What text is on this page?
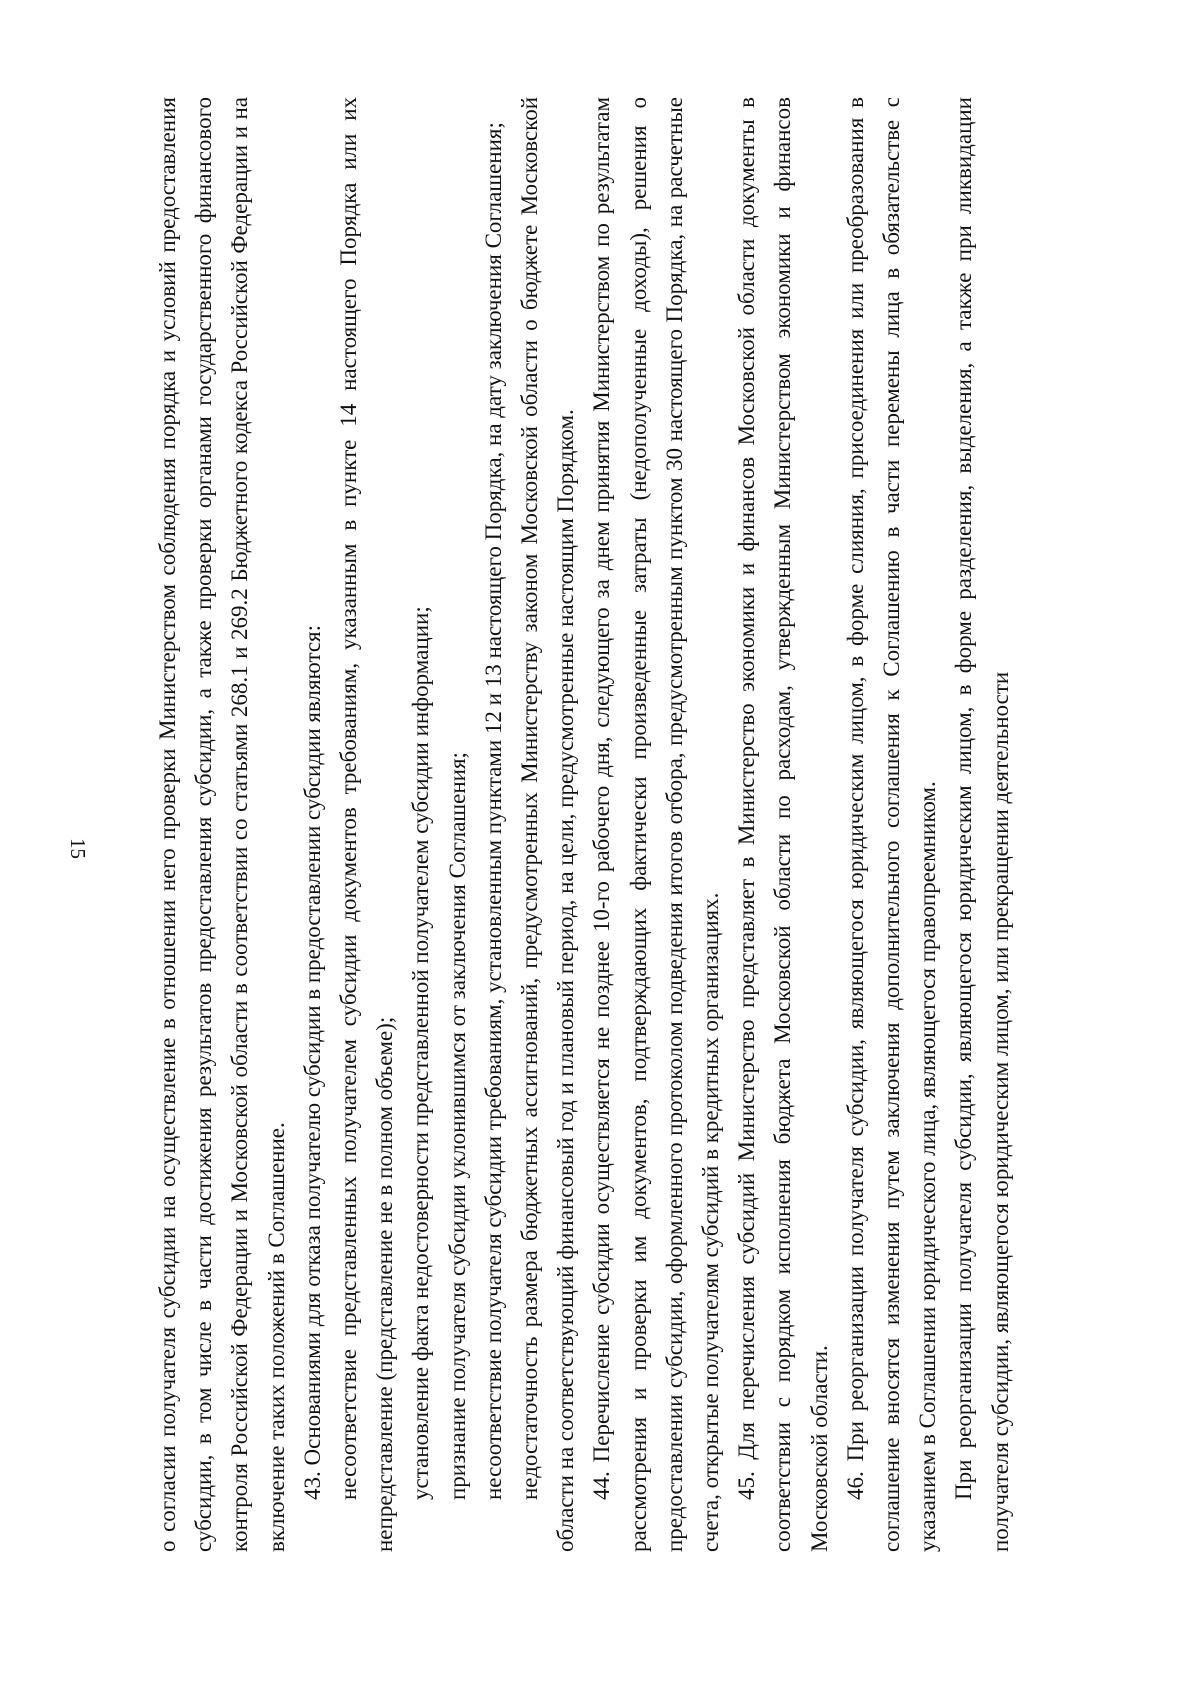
15	о согласии получателя субсидии на осуществление в отношении него проверки Министерством соблюдения порядка и условий предоставления субсидии, в том числе в части достижения результатов предоставления субсидии, а также проверки органами государственного финансового контроля Российской Федерации и Московской области в соответствии со статьями 268.1 и 269.2 Бюджетного кодекса Российской Федерации и на включение таких положений в Соглашение. 43. Основаниями для отказа получателю субсидии в предоставлении субсидии являются: несоответствие представленных получателем субсидии документов требованиям, указанным в пункте 14 настоящего Порядка или их непредставление (представление не в полном объеме); установление факта недостоверности представленной получателем субсидии информации; признание получателя субсидии уклонившимся от заключения Соглашения; несоответствие получателя субсидии требованиям, установленным пунктами 12 и 13 настоящего Порядка, на дату заключения Соглашения; недостаточность размера бюджетных ассигнований, предусмотренных Министерству законом Московской области о бюджете Московской области на соответствующий финансовый год и плановый период, на цели, предусмотренные настоящим Порядком. 44. Перечисление субсидии осуществляется не позднее 10-го рабочего дня, следующего за днем принятия Министерством по результатам рассмотрения и проверки им документов, подтверждающих фактически произведенные затраты (недополученные доходы), решения о предоставлении субсидии, оформленного протоколом подведения итогов отбора, предусмотренным пунктом 30 настоящего Порядка, на расчетные счета, открытые получателям субсидий в кредитных организациях. 45. Для перечисления субсидий Министерство представляет в Министерство экономики и финансов Московской области документы в соответствии с порядком исполнения бюджета Московской области по расходам, утвержденным Министерством экономики и финансов Московской области. 46. При реорганизации получателя субсидии, являющегося юридическим лицом, в форме слияния, присоединения или преобразования в соглашение вносятся изменения путем заключения дополнительного соглашения к Соглашению в части перемены лица в обязательстве с указанием в Соглашении юридического лица, являющегося правопреемником. При реорганизации получателя субсидии, являющегося юридическим лицом, в форме разделения, выделения, а также при ликвидации получателя субсидии, являющегося юридическим лицом, или прекращении деятельности
